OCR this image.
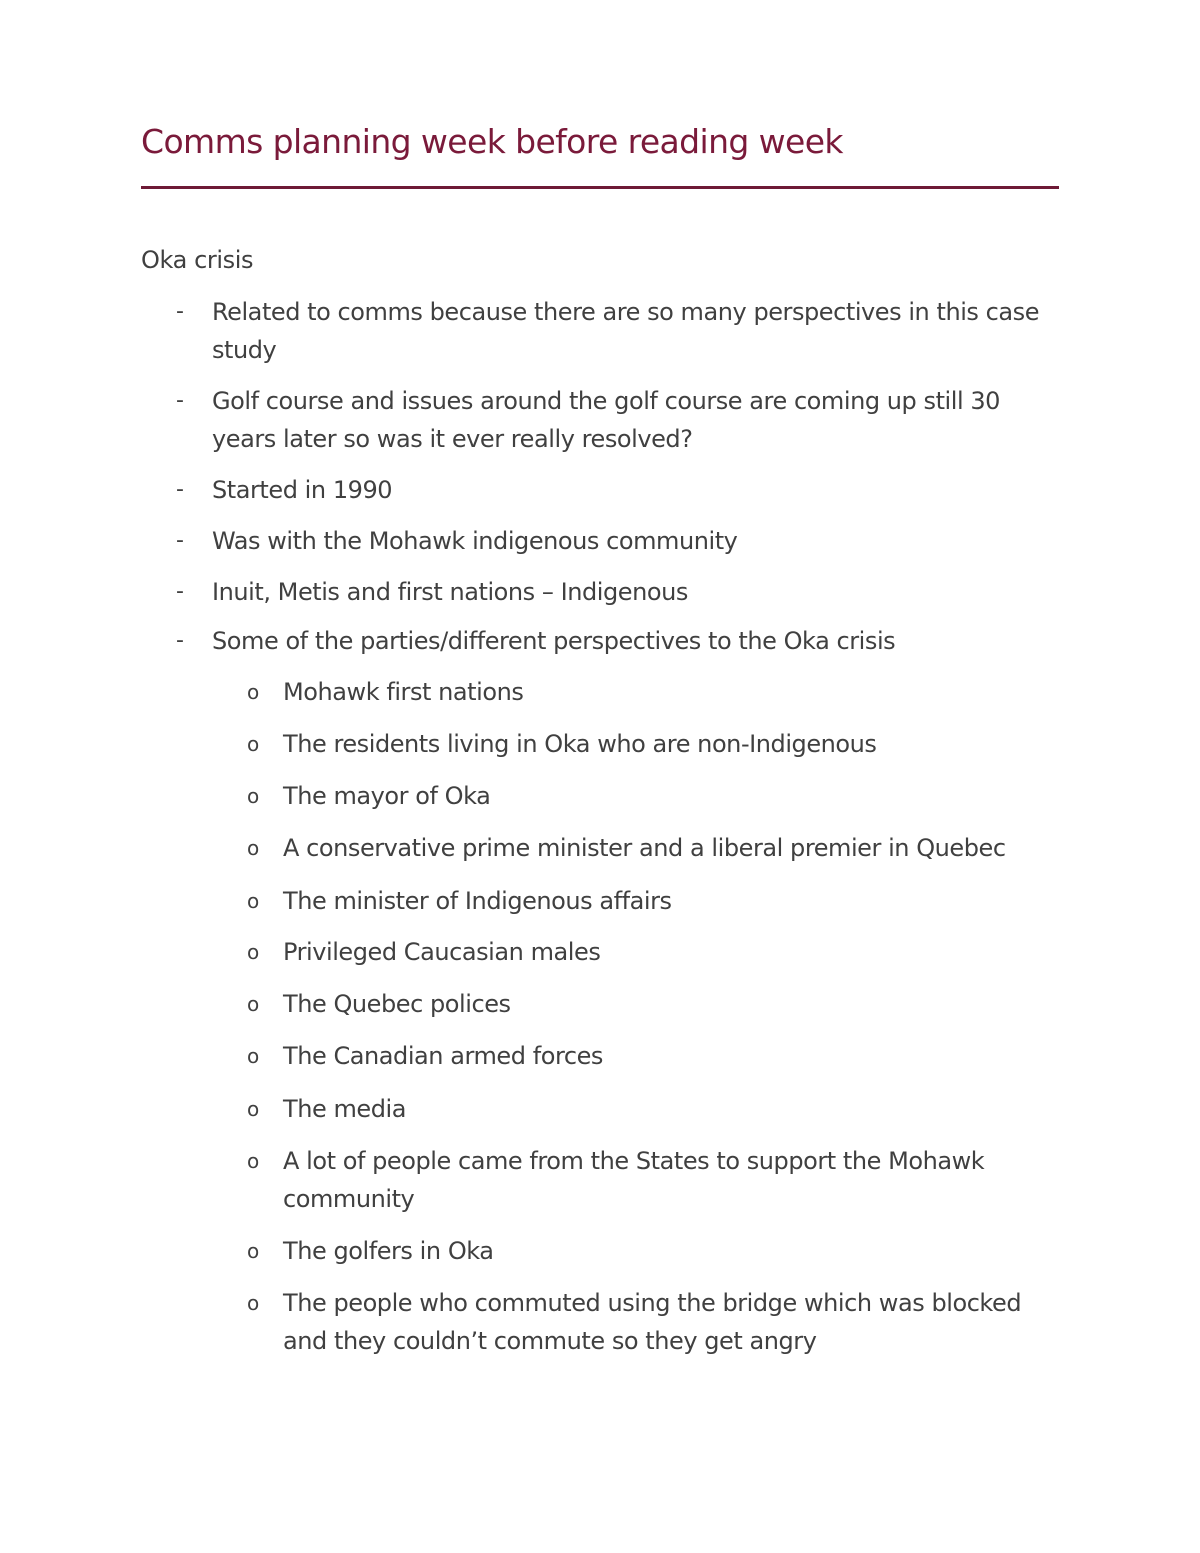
Comms planning week before reading week

Oka crisis

- Related to comms because there are so many perspectives in this case
study
- Golf course and issues around the golf course are coming up still 30
years later so was it ever really resolved?
- Started in 1990
- Was with the Mohawk indigenous community
- Inuit, Metis and first nations – Indigenous
- Some of the parties/different perspectives to the Oka crisis
o Mohawk first nations
o The residents living in Oka who are non-Indigenous
o The mayor of Oka
o A conservative prime minister and a liberal premier in Quebec
o The minister of Indigenous affairs
o Privileged Caucasian males
o The Quebec polices
o The Canadian armed forces
o The media
o A lot of people came from the States to support the Mohawk
community
o The golfers in Oka
o The people who commuted using the bridge which was blocked
and they couldn’t commute so they get angry
